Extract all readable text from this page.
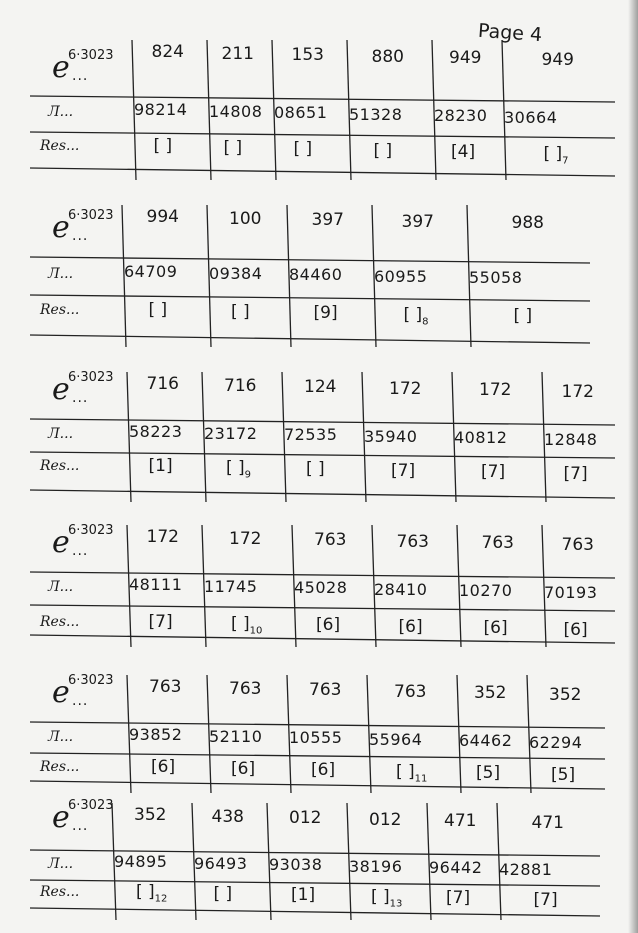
Page 4
e
6·3023
...
Л...
Res...
824
98214
[ ]
211
14808
[ ]
153
08651
[ ]
880
51328
[ ]
949
28230
[4]
949
30664
[ ]$_7$
e
6·3023
...
Л...
Res...
994
64709
[ ]
100
09384
[ ]
397
84460
[9]
397
60955
[ ]$_8$
988
55058
[ ]
e
6·3023
...
Л...
Res...
716
58223
[1]
716
23172
[ ]$_9$
124
72535
[ ]
172
35940
[7]
172
40812
[7]
172
12848
[7]
e
6·3023
...
Л...
Res...
172
48111
[7]
172
11745
[ ]$_{10}$
763
45028
[6]
763
28410
[6]
763
10270
[6]
763
70193
[6]
e
6·3023
...
Л...
Res...
763
93852
[6]
763
52110
[6]
763
10555
[6]
763
55964
[ ]$_{11}$
352
64462
[5]
352
62294
[5]
e
6·3023
...
Л...
Res...
352
94895
[ ]$_{12}$
438
96493
[ ]
012
93038
[1]
012
38196
[ ]$_{13}$
471
96442
[7]
471
42881
[7]
